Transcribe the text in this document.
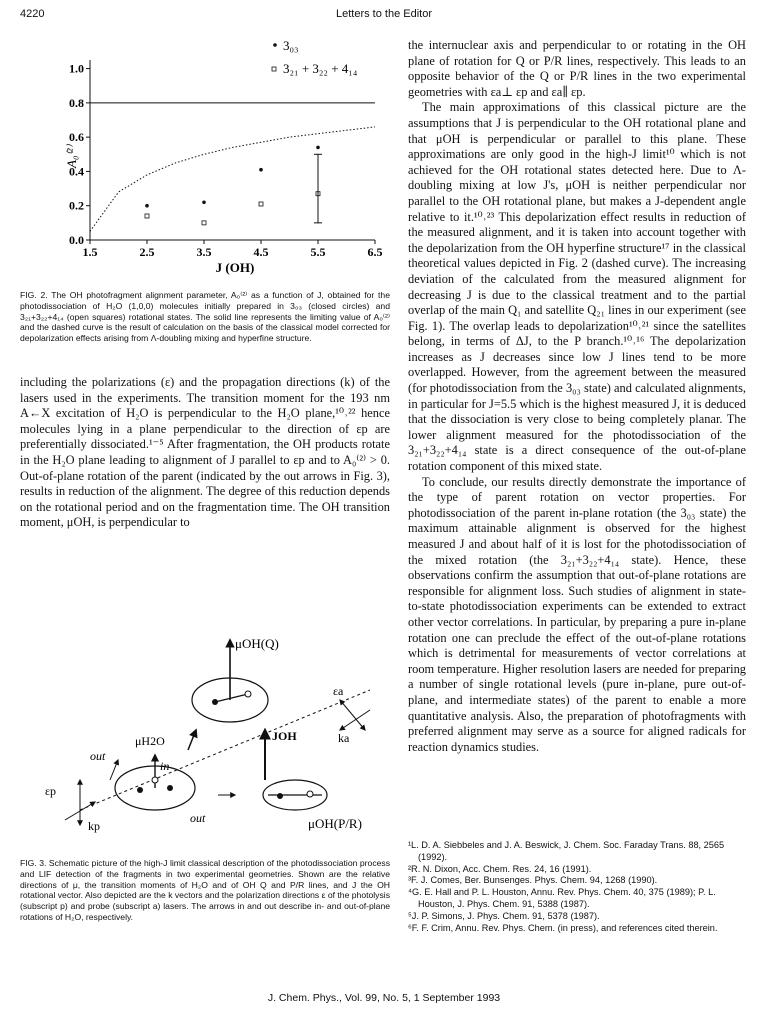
4220	Letters to the Editor
1.5	2.5	3.5	4.5	5.5	6.5
0.0
0.2
0.4
0.6
0.8
1.0
3₀₃
3₂₁ + 3₂₂ + 4₁₄
A₀⁽²⁾
J (OH)
FIG. 2. The OH photofragment alignment parameter, A₀⁽²⁾ as a function of J, obtained for the photodissociation of H₂O (1,0,0) molecules initially prepared in 3₀₃ (closed circles) and 3₂₁+3₂₂+4₁₄ (open squares) rotational states. The solid line represents the limiting value of A₀⁽²⁾ and the dashed curve is the result of calculation on the basis of the classical model corrected for depolarization effects arising from Λ-doubling mixing and hyperfine structure.

including the polarizations (ε) and the propagation directions (k) of the lasers used in the experiments. The transition moment for the 193 nm A←X excitation of H₂O is perpendicular to the H₂O plane,¹⁰˒²² hence molecules lying in a plane perpendicular to the direction of εp are preferentially dissociated.¹⁻⁵ After fragmentation, the OH products rotate in the H₂O plane leading to alignment of J parallel to εp and to A₀⁽²⁾ > 0. Out-of-plane rotation of the parent (indicated by the out arrows in Fig. 3), results in reduction of the alignment. The degree of this reduction depends on the rotational period and on the fragmentation time. The OH transition moment, μOH, is perpendicular to

μOH(Q)
JOH
εa
ka
μH2O
in
out
out	μOH(P/R)
εp
kp
FIG. 3. Schematic picture of the high-J limit classical description of the photodissociation process and LIF detection of the fragments in two experimental geometries. Shown are the relative directions of μ, the transition moments of H₂O and of OH Q and P/R lines, and J the OH rotational vector. Also depicted are the k vectors and the polarization directions ε of the photolysis (subscript p) and probe (subscript a) lasers. The arrows in and out describe in- and out-of-plane rotations of H₂O, respectively.

the internuclear axis and perpendicular to or rotating in the OH plane of rotation for Q or P/R lines, respectively. This leads to an opposite behavior of the Q or P/R lines in the two experimental geometries with εa⊥ εp and εa∥ εp.

The main approximations of this classical picture are the assumptions that J is perpendicular to the OH rotational plane and that μOH is perpendicular or parallel to this plane. These approximations are only good in the high-J limit¹⁰ which is not achieved for the OH rotational states detected here. Due to Λ-doubling mixing at low J's, μOH is neither perpendicular nor parallel to the OH rotational plane, but makes a J-dependent angle relative to it.¹⁰˒²³ This depolarization effect results in reduction of the measured alignment, and it is taken into account together with the depolarization from the OH hyperfine structure¹⁷ in the classical theoretical values depicted in Fig. 2 (dashed curve). The increasing deviation of the calculated from the measured alignment for decreasing J is due to the classical treatment and to the partial overlap of the main Q₁ and satellite Q₂₁ lines in our experiment (see Fig. 1). The overlap leads to depolarization¹⁰˒²¹ since the satellites belong, in terms of ΔJ, to the P branch.¹⁰˒¹⁶ The depolarization increases as J decreases since low J lines tend to be more overlapped. However, from the agreement between the measured (for photodissociation from the 3₀₃ state) and calculated alignments, in particular for J=5.5 which is the highest measured J, it is deduced that the dissociation is very close to being completely planar. The lower alignment measured for the photodissociation of the 3₂₁+3₂₂+4₁₄ state is a direct consequence of the out-of-plane rotation component of this mixed state.

To conclude, our results directly demonstrate the importance of the type of parent rotation on vector properties. For photodissociation of the parent in-plane rotation (the 3₀₃ state) the maximum attainable alignment is observed for the highest measured J and about half of it is lost for the photodissociation of the mixed rotation (the 3₂₁+3₂₂+4₁₄ state). Hence, these observations confirm the assumption that out-of-plane rotations are responsible for alignment loss. Such studies of alignment in state-to-state photodissociation experiments can be extended to extract other vector correlations. In particular, by preparing a pure in-plane rotation one can preclude the effect of the out-of-plane rotations which is detrimental for measurements of vector correlations at room temperature. Higher resolution lasers are needed for preparing a number of single rotational levels (pure in-plane, pure out-of-plane, and intermediate states) of the parent to enable a more quantitative analysis. Also, the preparation of photofragments with preferred alignment may serve as a source for aligned radicals for reaction dynamics studies.

¹L. D. A. Siebbeles and J. A. Beswick, J. Chem. Soc. Faraday Trans. 88, 2565 (1992).
²R. N. Dixon, Acc. Chem. Res. 24, 16 (1991).
³F. J. Comes, Ber. Bunsenges. Phys. Chem. 94, 1268 (1990).
⁴G. E. Hall and P. L. Houston, Annu. Rev. Phys. Chem. 40, 375 (1989); P. L. Houston, J. Phys. Chem. 91, 5388 (1987).
⁵J. P. Simons, J. Phys. Chem. 91, 5378 (1987).
⁶F. F. Crim, Annu. Rev. Phys. Chem. (in press), and references cited therein.
J. Chem. Phys., Vol. 99, No. 5, 1 September 1993
